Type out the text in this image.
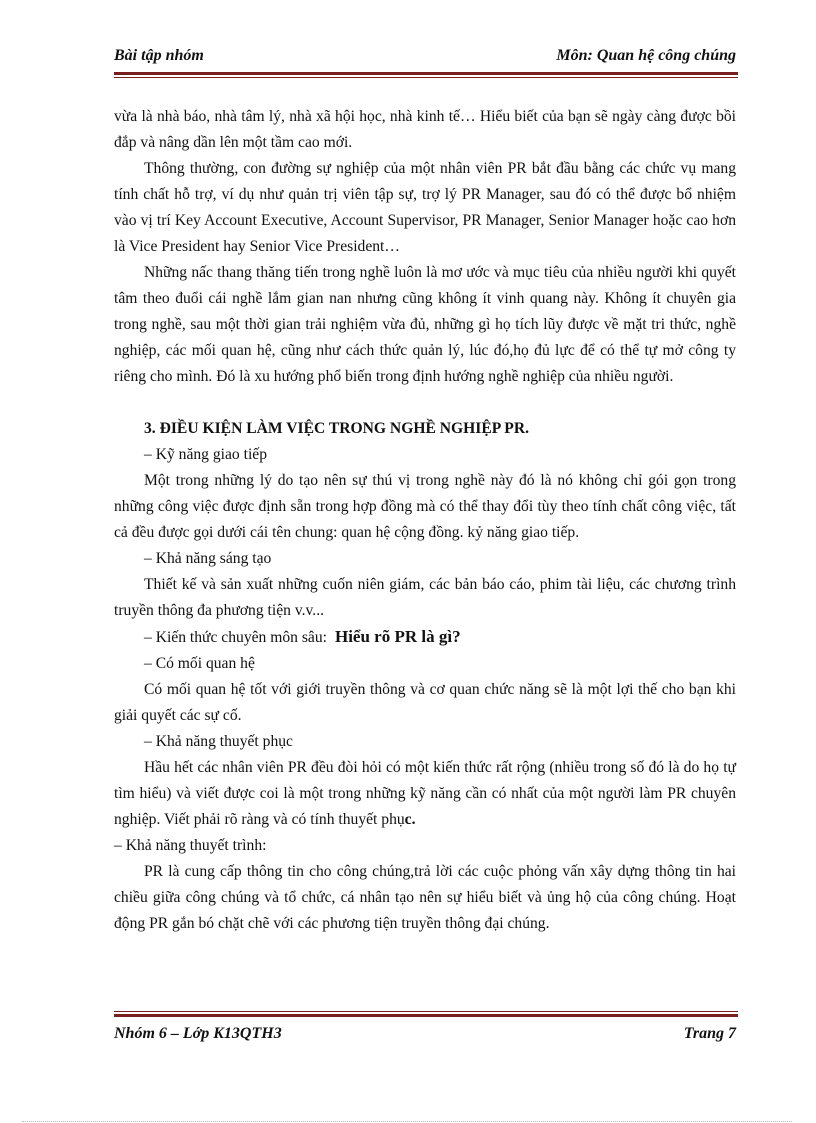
Bài tập nhóm	Môn: Quan hệ công chúng

vừa là nhà báo, nhà tâm lý, nhà xã hội học, nhà kinh tế… Hiểu biết của bạn sẽ ngày càng được bồi đắp và nâng dần lên một tầm cao mới.

Thông thường, con đường sự nghiệp của một nhân viên PR bắt đầu bằng các chức vụ mang tính chất hỗ trợ, ví dụ như quản trị viên tập sự, trợ lý PR Manager, sau đó có thể được bổ nhiệm vào vị trí Key Account Executive, Account Supervisor, PR Manager, Senior Manager hoặc cao hơn là Vice President hay Senior Vice President…

Những nấc thang thăng tiến trong nghề luôn là mơ ước và mục tiêu của nhiều người khi quyết tâm theo đuổi cái nghề lắm gian nan nhưng cũng không ít vinh quang này. Không ít chuyên gia trong nghề, sau một thời gian trải nghiệm vừa đủ, những gì họ tích lũy được về mặt tri thức, nghề nghiệp, các mối quan hệ, cũng như cách thức quản lý, lúc đó,họ đủ lực để có thể tự mở công ty riêng cho mình. Đó là xu hướng phổ biến trong định hướng nghề nghiệp của nhiều người.

3. ĐIỀU KIỆN LÀM VIỆC TRONG NGHỀ NGHIỆP PR.
– Kỹ năng giao tiếp

Một trong những lý do tạo nên sự thú vị trong nghề này đó là nó không chỉ gói gọn trong những công việc được định sẵn trong hợp đồng mà có thể thay đổi tùy theo tính chất công việc, tất cả đều được gọi dưới cái tên chung: quan hệ cộng đồng. kỷ năng giao tiếp.

– Khả năng sáng tạo

Thiết kế và sản xuất những cuốn niên giám, các bản báo cáo, phim tài liệu, các chương trình truyền thông đa phương tiện v.v...

– Kiến thức chuyên môn sâu: Hiểu rõ PR là gì?
– Có mối quan hệ

Có mối quan hệ tốt với giới truyền thông và cơ quan chức năng sẽ là một lợi thế cho bạn khi giải quyết các sự cố.

– Khả năng thuyết phục

Hầu hết các nhân viên PR đều đòi hỏi có một kiến thức rất rộng (nhiều trong số đó là do họ tự tìm hiểu) và viết được coi là một trong những kỹ năng cần có nhất của một người làm PR chuyên nghiệp. Viết phải rõ ràng và có tính thuyết phục.

– Khả năng thuyết trình:

PR là cung cấp thông tin cho công chúng,trả lời các cuộc phỏng vấn xây dựng thông tin hai chiều giữa công chúng và tổ chức, cá nhân tạo nên sự hiểu biết và ủng hộ của công chúng. Hoạt động PR gắn bó chặt chẽ với các phương tiện truyền thông đại chúng.

Nhóm 6 – Lớp K13QTH3	Trang 7
